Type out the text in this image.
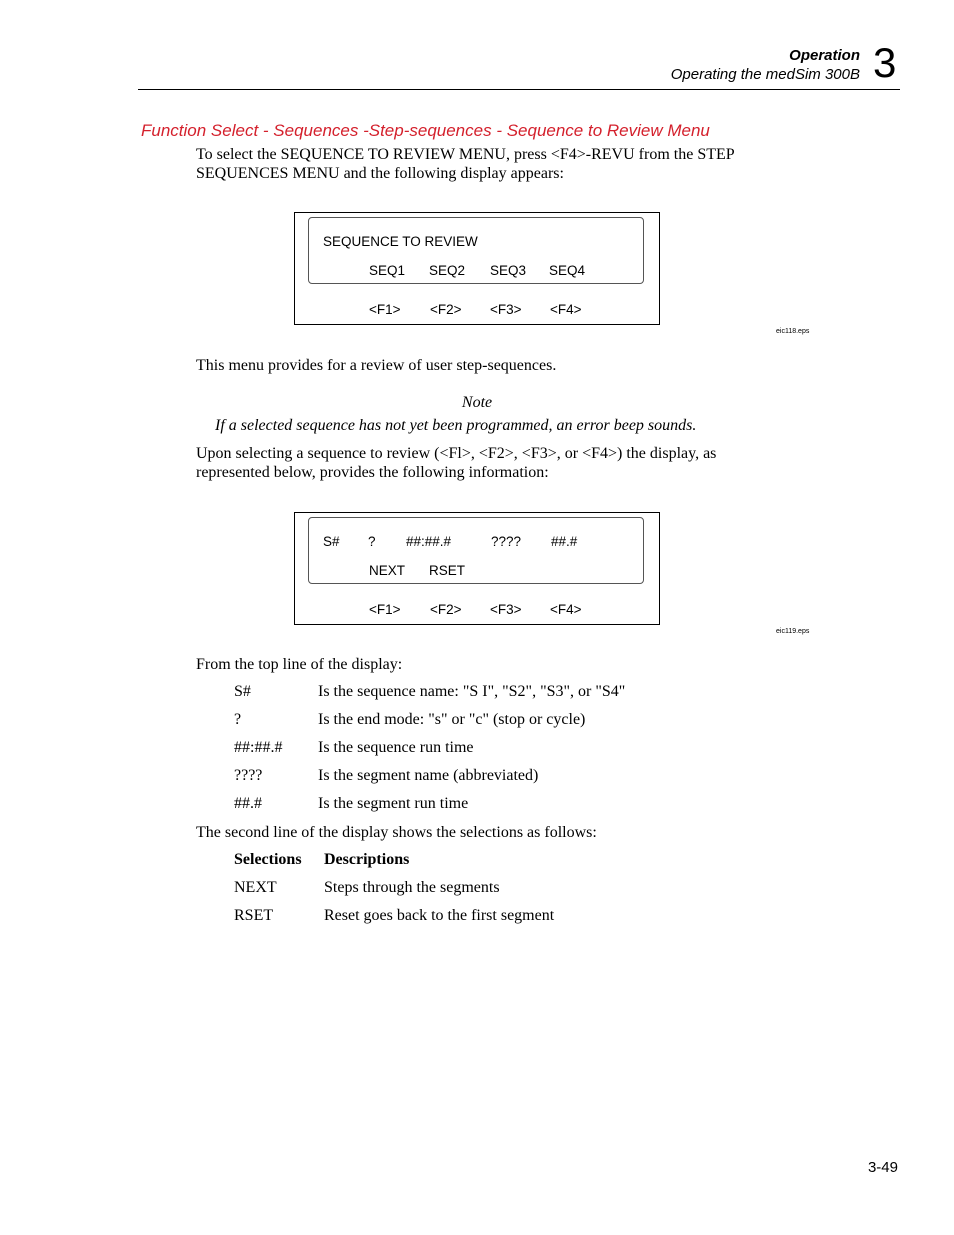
Operation
Operating the medSim 300B 3
Function Select - Sequences -Step-sequences - Sequence to Review Menu
To select the SEQUENCE TO REVIEW MENU, press <F4>-REVU from the STEP
SEQUENCES MENU and the following display appears:
SEQUENCE TO REVIEW
SEQ1 SEQ2 SEQ3 SEQ4
<F1> <F2> <F3> <F4>
eic118.eps
This menu provides for a review of user step-sequences.
Note
If a selected sequence has not yet been programmed, an error beep sounds.
Upon selecting a sequence to review (<Fl>, <F2>, <F3>, or <F4>) the display, as
represented below, provides the following information:
S# ? ##:##.#	???? ##.#
NEXT RSET
<F1> <F2> <F3> <F4>
eic119.eps
From the top line of the display:
S#	Is the sequence name: "S I", "S2", "S3", or "S4"
?	Is the end mode: "s" or "c" (stop or cycle)
##:##.# Is the sequence run time
????	Is the segment name (abbreviated)
##.#	Is the segment run time
The second line of the display shows the selections as follows:
Selections Descriptions
NEXT	Steps through the segments
RSET	Reset goes back to the first segment
3-49
